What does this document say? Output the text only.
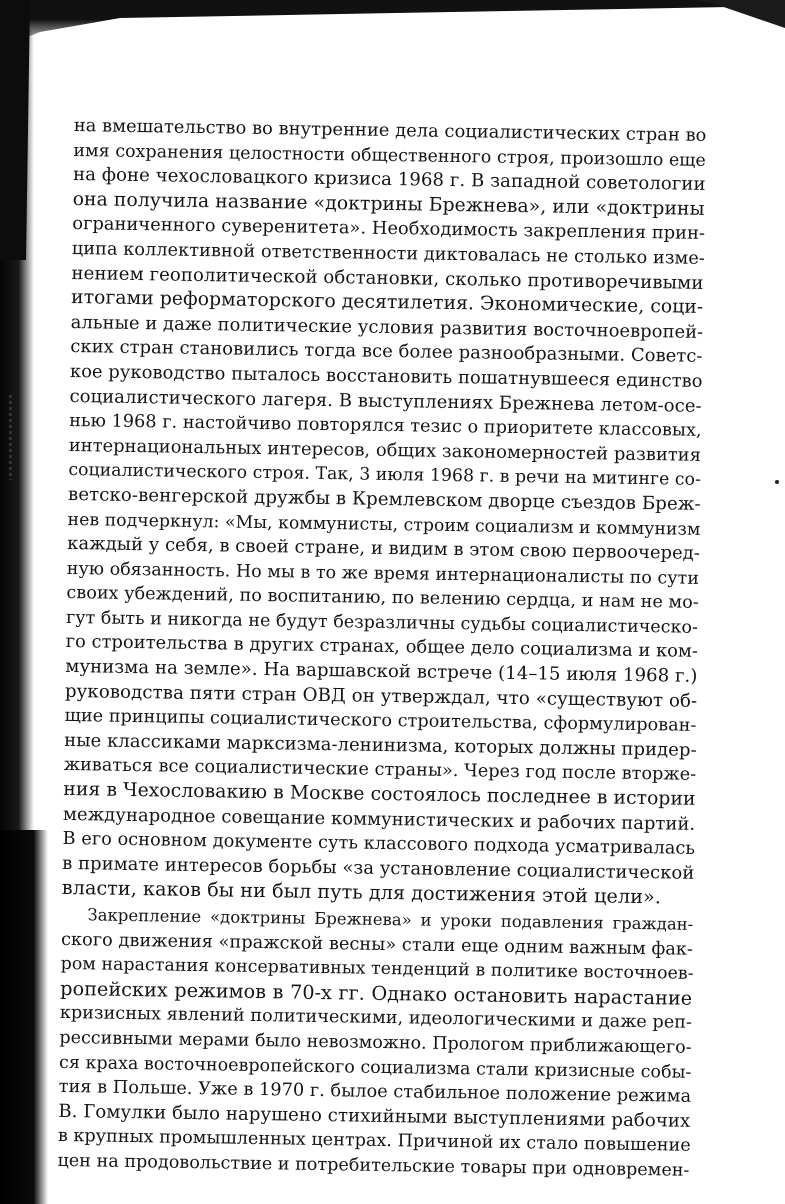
на вмешательство во внутренние дела социалистических стран во
имя сохранения целостности общественного строя, произошло еще
на фоне чехословацкого кризиса 1968 г. В западной советологии
она получила название «доктрины Брежнева», или «доктрины
ограниченного суверенитета». Необходимость закрепления прин-
ципа коллективной ответственности диктовалась не столько изме-
нением геополитической обстановки, сколько противоречивыми
итогами реформаторского десятилетия. Экономические, соци-
альные и даже политические условия развития восточноевропей-
ских стран становились тогда все более разнообразными. Советс-
кое руководство пыталось восстановить пошатнувшееся единство
социалистического лагеря. В выступлениях Брежнева летом-осе-
нью 1968 г. настойчиво повторялся тезис о приоритете классовых,
интернациональных интересов, общих закономерностей развития
социалистического строя. Так, 3 июля 1968 г. в речи на митинге со-
ветско-венгерской дружбы в Кремлевском дворце съездов Бреж-
нев подчеркнул: «Мы, коммунисты, строим социализм и коммунизм
каждый у себя, в своей стране, и видим в этом свою первоочеред-
ную обязанность. Но мы в то же время интернационалисты по сути
своих убеждений, по воспитанию, по велению сердца, и нам не мо-
гут быть и никогда не будут безразличны судьбы социалистическо-
го строительства в других странах, общее дело социализма и ком-
мунизма на земле». На варшавской встрече (14–15 июля 1968 г.)
руководства пяти стран ОВД он утверждал, что «существуют об-
щие принципы социалистического строительства, сформулирован-
ные классиками марксизма-ленинизма, которых должны придер-
живаться все социалистические страны». Через год после вторже-
ния в Чехословакию в Москве состоялось последнее в истории
международное совещание коммунистических и рабочих партий.
В его основном документе суть классового подхода усматривалась
в примате интересов борьбы «за установление социалистической
власти, каков бы ни был путь для достижения этой цели».
Закрепление «доктрины Брежнева» и уроки подавления граждан-
ского движения «пражской весны» стали еще одним важным фак-
ром нарастания консервативных тенденций в политике восточноев-
ропейских режимов в 70-х гг. Однако остановить нарастание
кризисных явлений политическими, идеологическими и даже реп-
рессивными мерами было невозможно. Прологом приближающего-
ся краха восточноевропейского социализма стали кризисные собы-
тия в Польше. Уже в 1970 г. былое стабильное положение режима
В. Гомулки было нарушено стихийными выступлениями рабочих
в крупных промышленных центрах. Причиной их стало повышение
цен на продовольствие и потребительские товары при одновремен-
